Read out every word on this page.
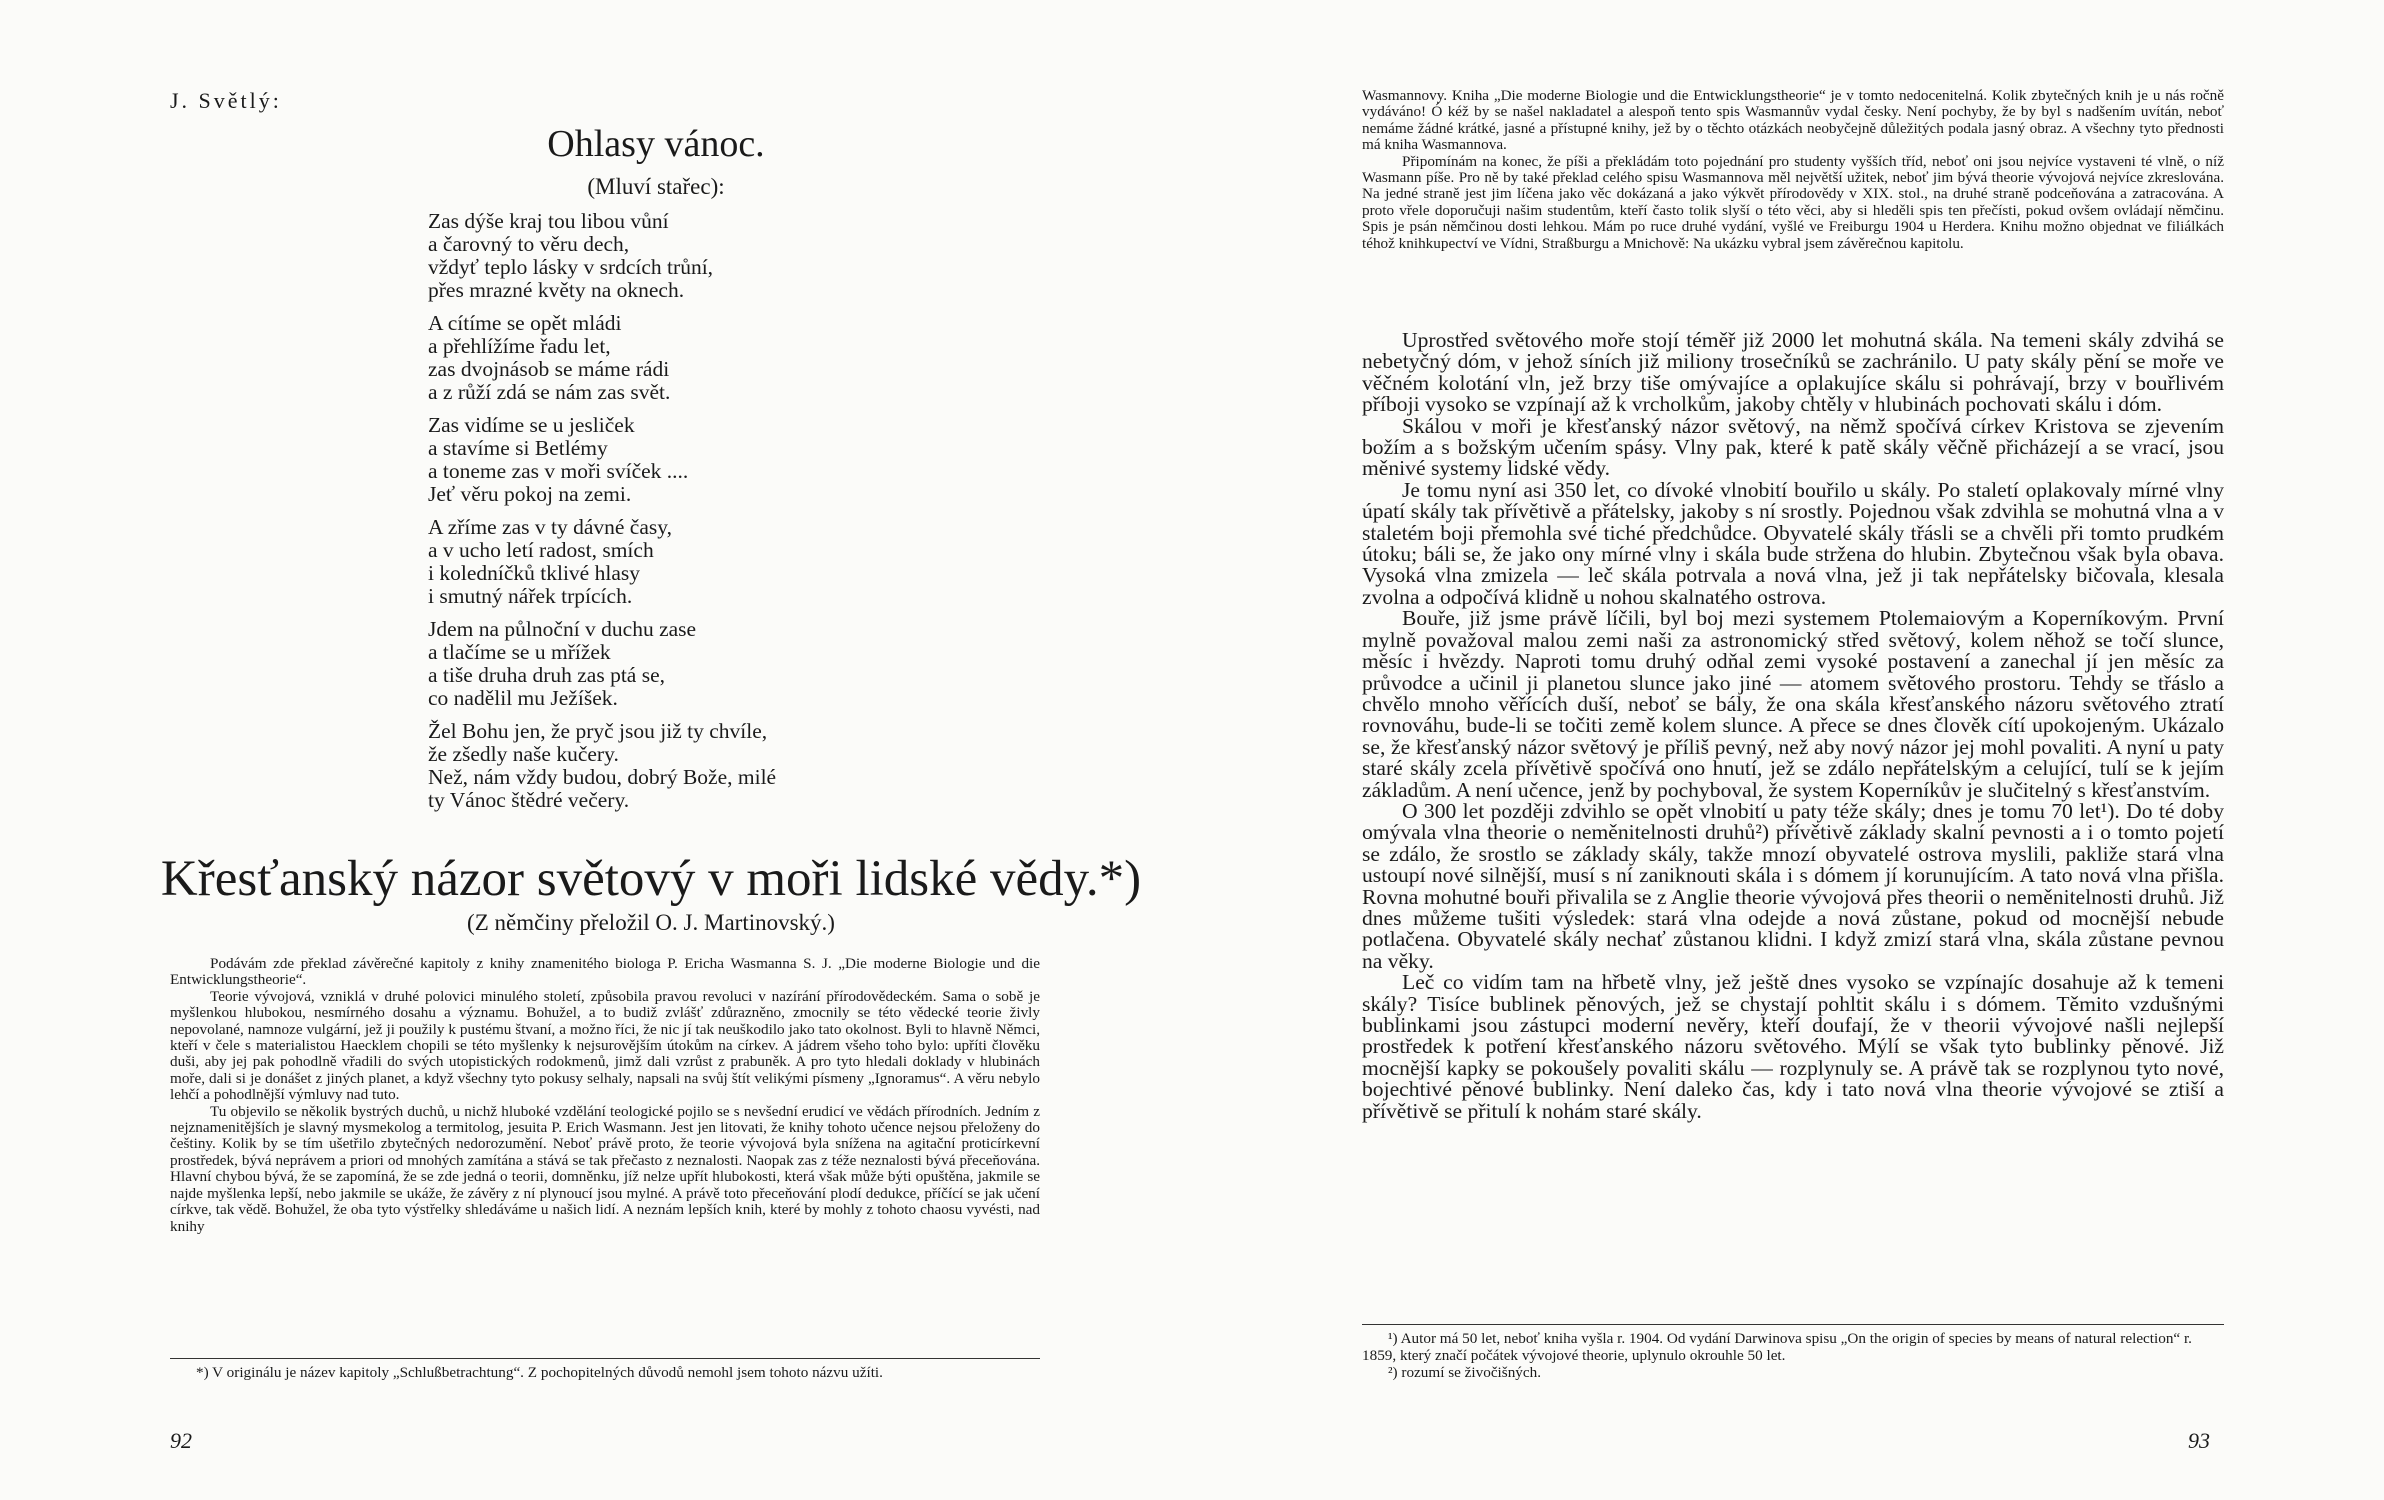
J. Světlý:
Ohlasy vánoc.
(Mluví stařec):
Zas dýše kraj tou libou vůní
a čarovný to věru dech,
vždyť teplo lásky v srdcích trůní,
přes mrazné květy na oknech.
A cítíme se opět mládi
a přehlížíme řadu let,
zas dvojnásob se máme rádi
a z růží zdá se nám zas svět.
Zas vidíme se u jesliček
a stavíme si Betlémy
a toneme zas v moři svíček ....
Jeť věru pokoj na zemi.
A zříme zas v ty dávné časy,
a v ucho letí radost, smích
i koledníčků tklivé hlasy
i smutný nářek trpících.
Jdem na půlnoční v duchu zase
a tlačíme se u mřížek
a tiše druha druh zas ptá se,
co nadělil mu Ježíšek.
Žel Bohu jen, že pryč jsou již ty chvíle,
že zšedly naše kučery.
Než, nám vždy budou, dobrý Bože, milé
ty Vánoc štědré večery.
Křesťanský názor světový v moři lidské vědy.*)
(Z němčiny přeložil O. J. Martinovský.)

Podávám zde překlad závěrečné kapitoly z knihy znamenitého biologa P. Ericha Wasmanna S. J. „Die moderne Biologie und die Entwicklungstheorie“.

Teorie vývojová, vzniklá v druhé polovici minulého století, způsobila pravou revoluci v nazírání přírodovědeckém. Sama o sobě je myšlenkou hlubokou, nesmírného dosahu a významu. Bohužel, a to budiž zvlášť zdůrazněno, zmocnily se této vědecké teorie živly nepovolané, namnoze vulgární, jež ji použily k pustému štvaní, a možno říci, že nic jí tak neuškodilo jako tato okolnost. Byli to hlavně Němci, kteří v čele s materialistou Haecklem chopili se této myšlenky k nejsurovějším útokům na církev. A jádrem všeho toho bylo: upříti člověku duši, aby jej pak pohodlně vřadili do svých utopistických rodokmenů, jimž dali vzrůst z prabuněk. A pro tyto hledali doklady v hlubinách moře, dali si je donášet z jiných planet, a když všechny tyto pokusy selhaly, napsali na svůj štít velikými písmeny „Ignoramus“. A věru nebylo lehčí a pohodlnější výmluvy nad tuto.

Tu objevilo se několik bystrých duchů, u nichž hluboké vzdělání teologické pojilo se s nevšední erudicí ve vědách přírodních. Jedním z nejznamenitějších je slavný mysmekolog a termitolog, jesuita P. Erich Wasmann. Jest jen litovati, že knihy tohoto učence nejsou přeloženy do češtiny. Kolik by se tím ušetřilo zbytečných nedorozumění. Neboť právě proto, že teorie vývojová byla snížena na agitační proticírkevní prostředek, bývá neprávem a priori od mnohých zamítána a stává se tak přečasto z neznalosti. Naopak zas z téže neznalosti bývá přeceňována. Hlavní chybou bývá, že se zapomíná, že se zde jedná o teorii, domněnku, jíž nelze upřít hlubokosti, která však může býti opuštěna, jakmile se najde myšlenka lepší, nebo jakmile se ukáže, že závěry z ní plynoucí jsou mylné. A právě toto přeceňování plodí dedukce, příčící se jak učení církve, tak vědě. Bohužel, že oba tyto výstřelky shledáváme u našich lidí. A neznám lepších knih, které by mohly z tohoto chaosu vyvésti, nad knihy

*) V originálu je název kapitoly „Schlußbetrachtung“. Z pochopitelných důvodů nemohl jsem tohoto názvu užíti.

92

Wasmannovy. Kniha „Die moderne Biologie und die Entwicklungstheorie“ je v tomto nedocenitelná. Kolik zbytečných knih je u nás ročně vydáváno! Ó kéž by se našel nakladatel a alespoň tento spis Wasmannův vydal česky. Není pochyby, že by byl s nadšením uvítán, neboť nemáme žádné krátké, jasné a přístupné knihy, jež by o těchto otázkách neobyčejně důležitých podala jasný obraz. A všechny tyto přednosti má kniha Wasmannova.

Připomínám na konec, že píši a překládám toto pojednání pro studenty vyšších tříd, neboť oni jsou nejvíce vystaveni té vlně, o níž Wasmann píše. Pro ně by také překlad celého spisu Wasmannova měl největší užitek, neboť jim bývá theorie vývojová nejvíce zkreslována. Na jedné straně jest jim líčena jako věc dokázaná a jako výkvět přírodovědy v XIX. stol., na druhé straně podceňována a zatracována. A proto vřele doporučuji našim studentům, kteří často tolik slyší o této věci, aby si hleděli spis ten přečísti, pokud ovšem ovládají němčinu. Spis je psán němčinou dosti lehkou. Mám po ruce druhé vydání, vyšlé ve Freiburgu 1904 u Herdera. Knihu možno objednat ve filiálkách téhož knihkupectví ve Vídni, Straßburgu a Mnichově: Na ukázku vybral jsem závěrečnou kapitolu.

Uprostřed světového moře stojí téměř již 2000 let mohutná skála. Na temeni skály zdvihá se nebetyčný dóm, v jehož síních již miliony trosečníků se zachránilo. U paty skály pění se moře ve věčném kolotání vln, jež brzy tiše omývajíce a oplakujíce skálu si pohrávají, brzy v bouřlivém příboji vysoko se vzpínají až k vrcholkům, jakoby chtěly v hlubinách pochovati skálu i dóm.

Skálou v moři je křesťanský názor světový, na němž spočívá církev Kristova se zjevením božím a s božským učením spásy. Vlny pak, které k patě skály věčně přicházejí a se vrací, jsou měnivé systemy lidské vědy.

Je tomu nyní asi 350 let, co dívoké vlnobití bouřilo u skály. Po staletí oplakovaly mírné vlny úpatí skály tak přívětivě a přátelsky, jakoby s ní srostly. Pojednou však zdvihla se mohutná vlna a v staletém boji přemohla své tiché předchůdce. Obyvatelé skály třásli se a chvěli při tomto prudkém útoku; báli se, že jako ony mírné vlny i skála bude stržena do hlubin. Zbytečnou však byla obava. Vysoká vlna zmizela — leč skála potrvala a nová vlna, jež ji tak nepřátelsky bičovala, klesala zvolna a odpočívá klidně u nohou skalnatého ostrova.

Bouře, již jsme právě líčili, byl boj mezi systemem Ptolemaiovým a Koperníkovým. První mylně považoval malou zemi naši za astronomický střed světový, kolem něhož se točí slunce, měsíc i hvězdy. Naproti tomu druhý odňal zemi vysoké postavení a zanechal jí jen měsíc za průvodce a učinil ji planetou slunce jako jiné — atomem světového prostoru. Tehdy se třáslo a chvělo mnoho věřících duší, neboť se bály, že ona skála křesťanského názoru světového ztratí rovnováhu, bude-li se točiti země kolem slunce. A přece se dnes člověk cítí upokojeným. Ukázalo se, že křesťanský názor světový je příliš pevný, než aby nový názor jej mohl povaliti. A nyní u paty staré skály zcela přívětivě spočívá ono hnutí, jež se zdálo nepřátelským a celující, tulí se k jejím základům. A není učence, jenž by pochyboval, že system Koperníkův je slučitelný s křesťanstvím.

O 300 let později zdvihlo se opět vlnobití u paty téže skály; dnes je tomu 70 let¹). Do té doby omývala vlna theorie o neměnitelnosti druhů²) přívětivě základy skalní pevnosti a i o tomto pojetí se zdálo, že srostlo se základy skály, takže mnozí obyvatelé ostrova myslili, pakliže stará vlna ustoupí nové silnější, musí s ní zaniknouti skála i s dómem jí korunujícím. A tato nová vlna přišla. Rovna mohutné bouři přivalila se z Anglie theorie vývojová přes theorii o neměnitelnosti druhů. Již dnes můžeme tušiti výsledek: stará vlna odejde a nová zůstane, pokud od mocnější nebude potlačena. Obyvatelé skály nechať zůstanou klidni. I když zmizí stará vlna, skála zůstane pevnou na věky.

Leč co vidím tam na hřbetě vlny, jež ještě dnes vysoko se vzpínajíc dosahuje až k temeni skály? Tisíce bublinek pěnových, jež se chystají pohltit skálu i s dómem. Těmito vzdušnými bublinkami jsou zástupci moderní nevěry, kteří doufají, že v theorii vývojové našli nejlepší prostředek k potření křesťanského názoru světového. Mýlí se však tyto bublinky pěnové. Již mocnější kapky se pokoušely povaliti skálu — rozplynuly se. A právě tak se rozplynou tyto nové, bojechtivé pěnové bublinky. Není daleko čas, kdy i tato nová vlna theorie vývojové se ztiší a přívětivě se přitulí k nohám staré skály.

¹) Autor má 50 let, neboť kniha vyšla r. 1904. Od vydání Darwinova spisu „On the origin of species by means of natural relection“ r. 1859, který značí počátek vývojové theorie, uplynulo okrouhle 50 let.

²) rozumí se živočišných.

93
